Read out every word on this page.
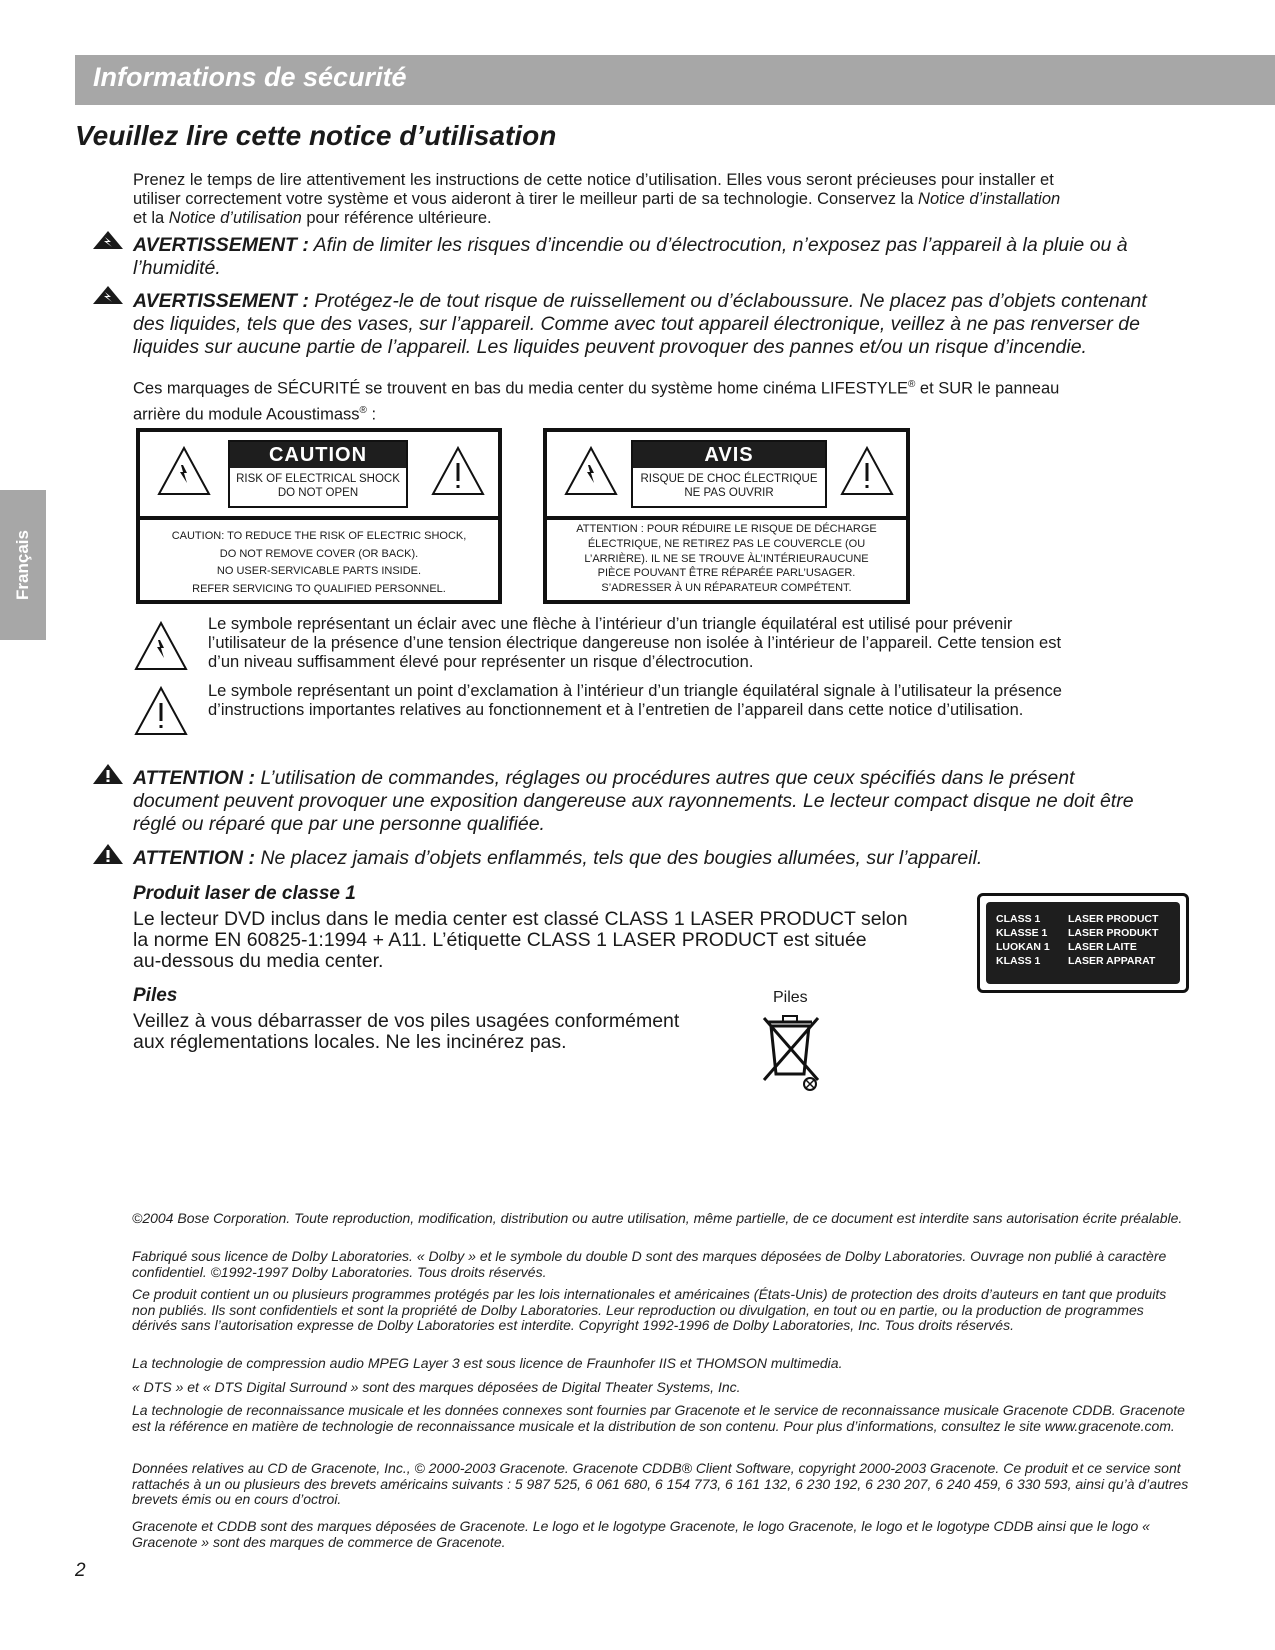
Informations de sécurité
Français
Veuillez lire cette notice d’utilisation
Prenez le temps de lire attentivement les instructions de cette notice d’utilisation. Elles vous seront précieuses pour installer et
utiliser correctement votre système et vous aideront à tirer le meilleur parti de sa technologie. Conservez la Notice d’installation
et la Notice d’utilisation pour référence ultérieure.
AVERTISSEMENT : Afin de limiter les risques d’incendie ou d’électrocution, n’exposez pas l’appareil à la pluie ou à
l’humidité.
AVERTISSEMENT : Protégez-le de tout risque de ruissellement ou d’éclaboussure. Ne placez pas d’objets contenant
des liquides, tels que des vases, sur l’appareil. Comme avec tout appareil électronique, veillez à ne pas renverser de
liquides sur aucune partie de l’appareil. Les liquides peuvent provoquer des pannes et/ou un risque d’incendie.
Ces marquages de SÉCURITÉ se trouvent en bas du media center du système home cinéma LIFESTYLE® et SUR le panneau
arrière du module Acoustimass® :
CAUTION
RISK OF ELECTRICAL SHOCK
DO NOT OPEN
CAUTION: TO REDUCE THE RISK OF ELECTRIC SHOCK,
DO NOT REMOVE COVER (OR BACK).
NO USER-SERVICABLE PARTS INSIDE.
REFER SERVICING TO QUALIFIED PERSONNEL.
AVIS
RISQUE DE CHOC ÉLECTRIQUE
NE PAS OUVRIR
ATTENTION : POUR RÉDUIRE LE RISQUE DE DÉCHARGE
ÉLECTRIQUE, NE RETIREZ PAS LE COUVERCLE (OU
L’ARRIÈRE). IL NE SE TROUVE ÀL’INTÉRIEURAUCUNE
PIÈCE POUVANT ÊTRE RÉPARÉE PARL’USAGER.
S’ADRESSER À UN RÉPARATEUR COMPÉTENT.
Le symbole représentant un éclair avec une flèche à l’intérieur d’un triangle équilatéral est utilisé pour prévenir
l’utilisateur de la présence d’une tension électrique dangereuse non isolée à l’intérieur de l’appareil. Cette tension est
d’un niveau suffisamment élevé pour représenter un risque d’électrocution.
Le symbole représentant un point d’exclamation à l’intérieur d’un triangle équilatéral signale à l’utilisateur la présence
d’instructions importantes relatives au fonctionnement et à l’entretien de l’appareil dans cette notice d’utilisation.
ATTENTION : L’utilisation de commandes, réglages ou procédures autres que ceux spécifiés dans le présent
document peuvent provoquer une exposition dangereuse aux rayonnements. Le lecteur compact disque ne doit être
réglé ou réparé que par une personne qualifiée.
ATTENTION : Ne placez jamais d’objets enflammés, tels que des bougies allumées, sur l’appareil.
Produit laser de classe 1
Le lecteur DVD inclus dans le media center est classé CLASS 1 LASER PRODUCT selon
la norme EN 60825-1:1994 + A11. L’étiquette CLASS 1 LASER PRODUCT est située
au-dessous du media center.
CLASS 1	LASER PRODUCT
KLASSE 1 LASER PRODUKT
LUOKAN 1 LASER LAITE
KLASS 1	LASER APPARAT
Piles
Veillez à vous débarrasser de vos piles usagées conformément
aux réglementations locales. Ne les incinérez pas.
Piles
©2004 Bose Corporation. Toute reproduction, modification, distribution ou autre utilisation, même partielle, de ce document est interdite sans autorisation écrite préalable.
Fabriqué sous licence de Dolby Laboratories. « Dolby » et le symbole du double D sont des marques déposées de Dolby Laboratories. Ouvrage non publié à caractère confidentiel. ©1992-1997 Dolby Laboratories. Tous droits réservés.
Ce produit contient un ou plusieurs programmes protégés par les lois internationales et américaines (États-Unis) de protection des droits d’auteurs en tant que produits non publiés. Ils sont confidentiels et sont la propriété de Dolby Laboratories. Leur reproduction ou divulgation, en tout ou en partie, ou la production de programmes dérivés sans l’autorisation expresse de Dolby Laboratories est interdite. Copyright 1992-1996 de Dolby Laboratories, Inc. Tous droits réservés.
La technologie de compression audio MPEG Layer 3 est sous licence de Fraunhofer IIS et THOMSON multimedia.
« DTS » et « DTS Digital Surround » sont des marques déposées de Digital Theater Systems, Inc.
La technologie de reconnaissance musicale et les données connexes sont fournies par Gracenote et le service de reconnaissance musicale Gracenote CDDB. Gracenote est la référence en matière de technologie de reconnaissance musicale et la distribution de son contenu. Pour plus d’informations, consultez le site www.gracenote.com.
Données relatives au CD de Gracenote, Inc., © 2000-2003 Gracenote. Gracenote CDDB® Client Software, copyright 2000-2003 Gracenote. Ce produit et ce service sont rattachés à un ou plusieurs des brevets américains suivants : 5 987 525, 6 061 680, 6 154 773, 6 161 132, 6 230 192, 6 230 207, 6 240 459, 6 330 593, ainsi qu’à d’autres brevets émis ou en cours d’octroi.
Gracenote et CDDB sont des marques déposées de Gracenote. Le logo et le logotype Gracenote, le logo Gracenote, le logo et le logotype CDDB ainsi que le logo « Gracenote » sont des marques de commerce de Gracenote.
2
